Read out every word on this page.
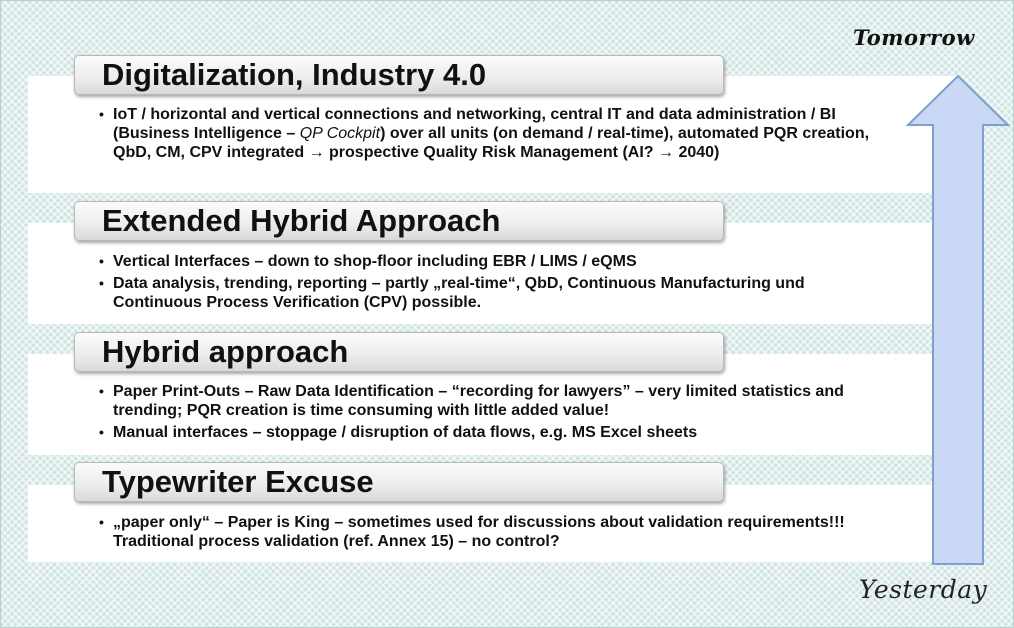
Digitalization, Industry 4.0
• IoT / horizontal and vertical connections and networking, central IT and data administration / BI (Business Intelligence – QP Cockpit) over all units (on demand / real-time), automated PQR creation, QbD, CM, CPV integrated → prospective Quality Risk Management (AI? → 2040)
Extended Hybrid Approach
• Vertical Interfaces – down to shop-floor including EBR / LIMS / eQMS
• Data analysis, trending, reporting – partly „real-time“, QbD, Continuous Manufacturing und Continuous Process Verification (CPV) possible.
Hybrid approach
• Paper Print-Outs – Raw Data Identification – “recording for lawyers” – very limited statistics and trending; PQR creation is time consuming with little added value!
• Manual interfaces – stoppage / disruption of data flows, e.g. MS Excel sheets
Typewriter Excuse
• „paper only“ – Paper is King – sometimes used for discussions about validation requirements!!! Traditional process validation (ref. Annex 15) – no control?
Tomorrow
Yesterday
